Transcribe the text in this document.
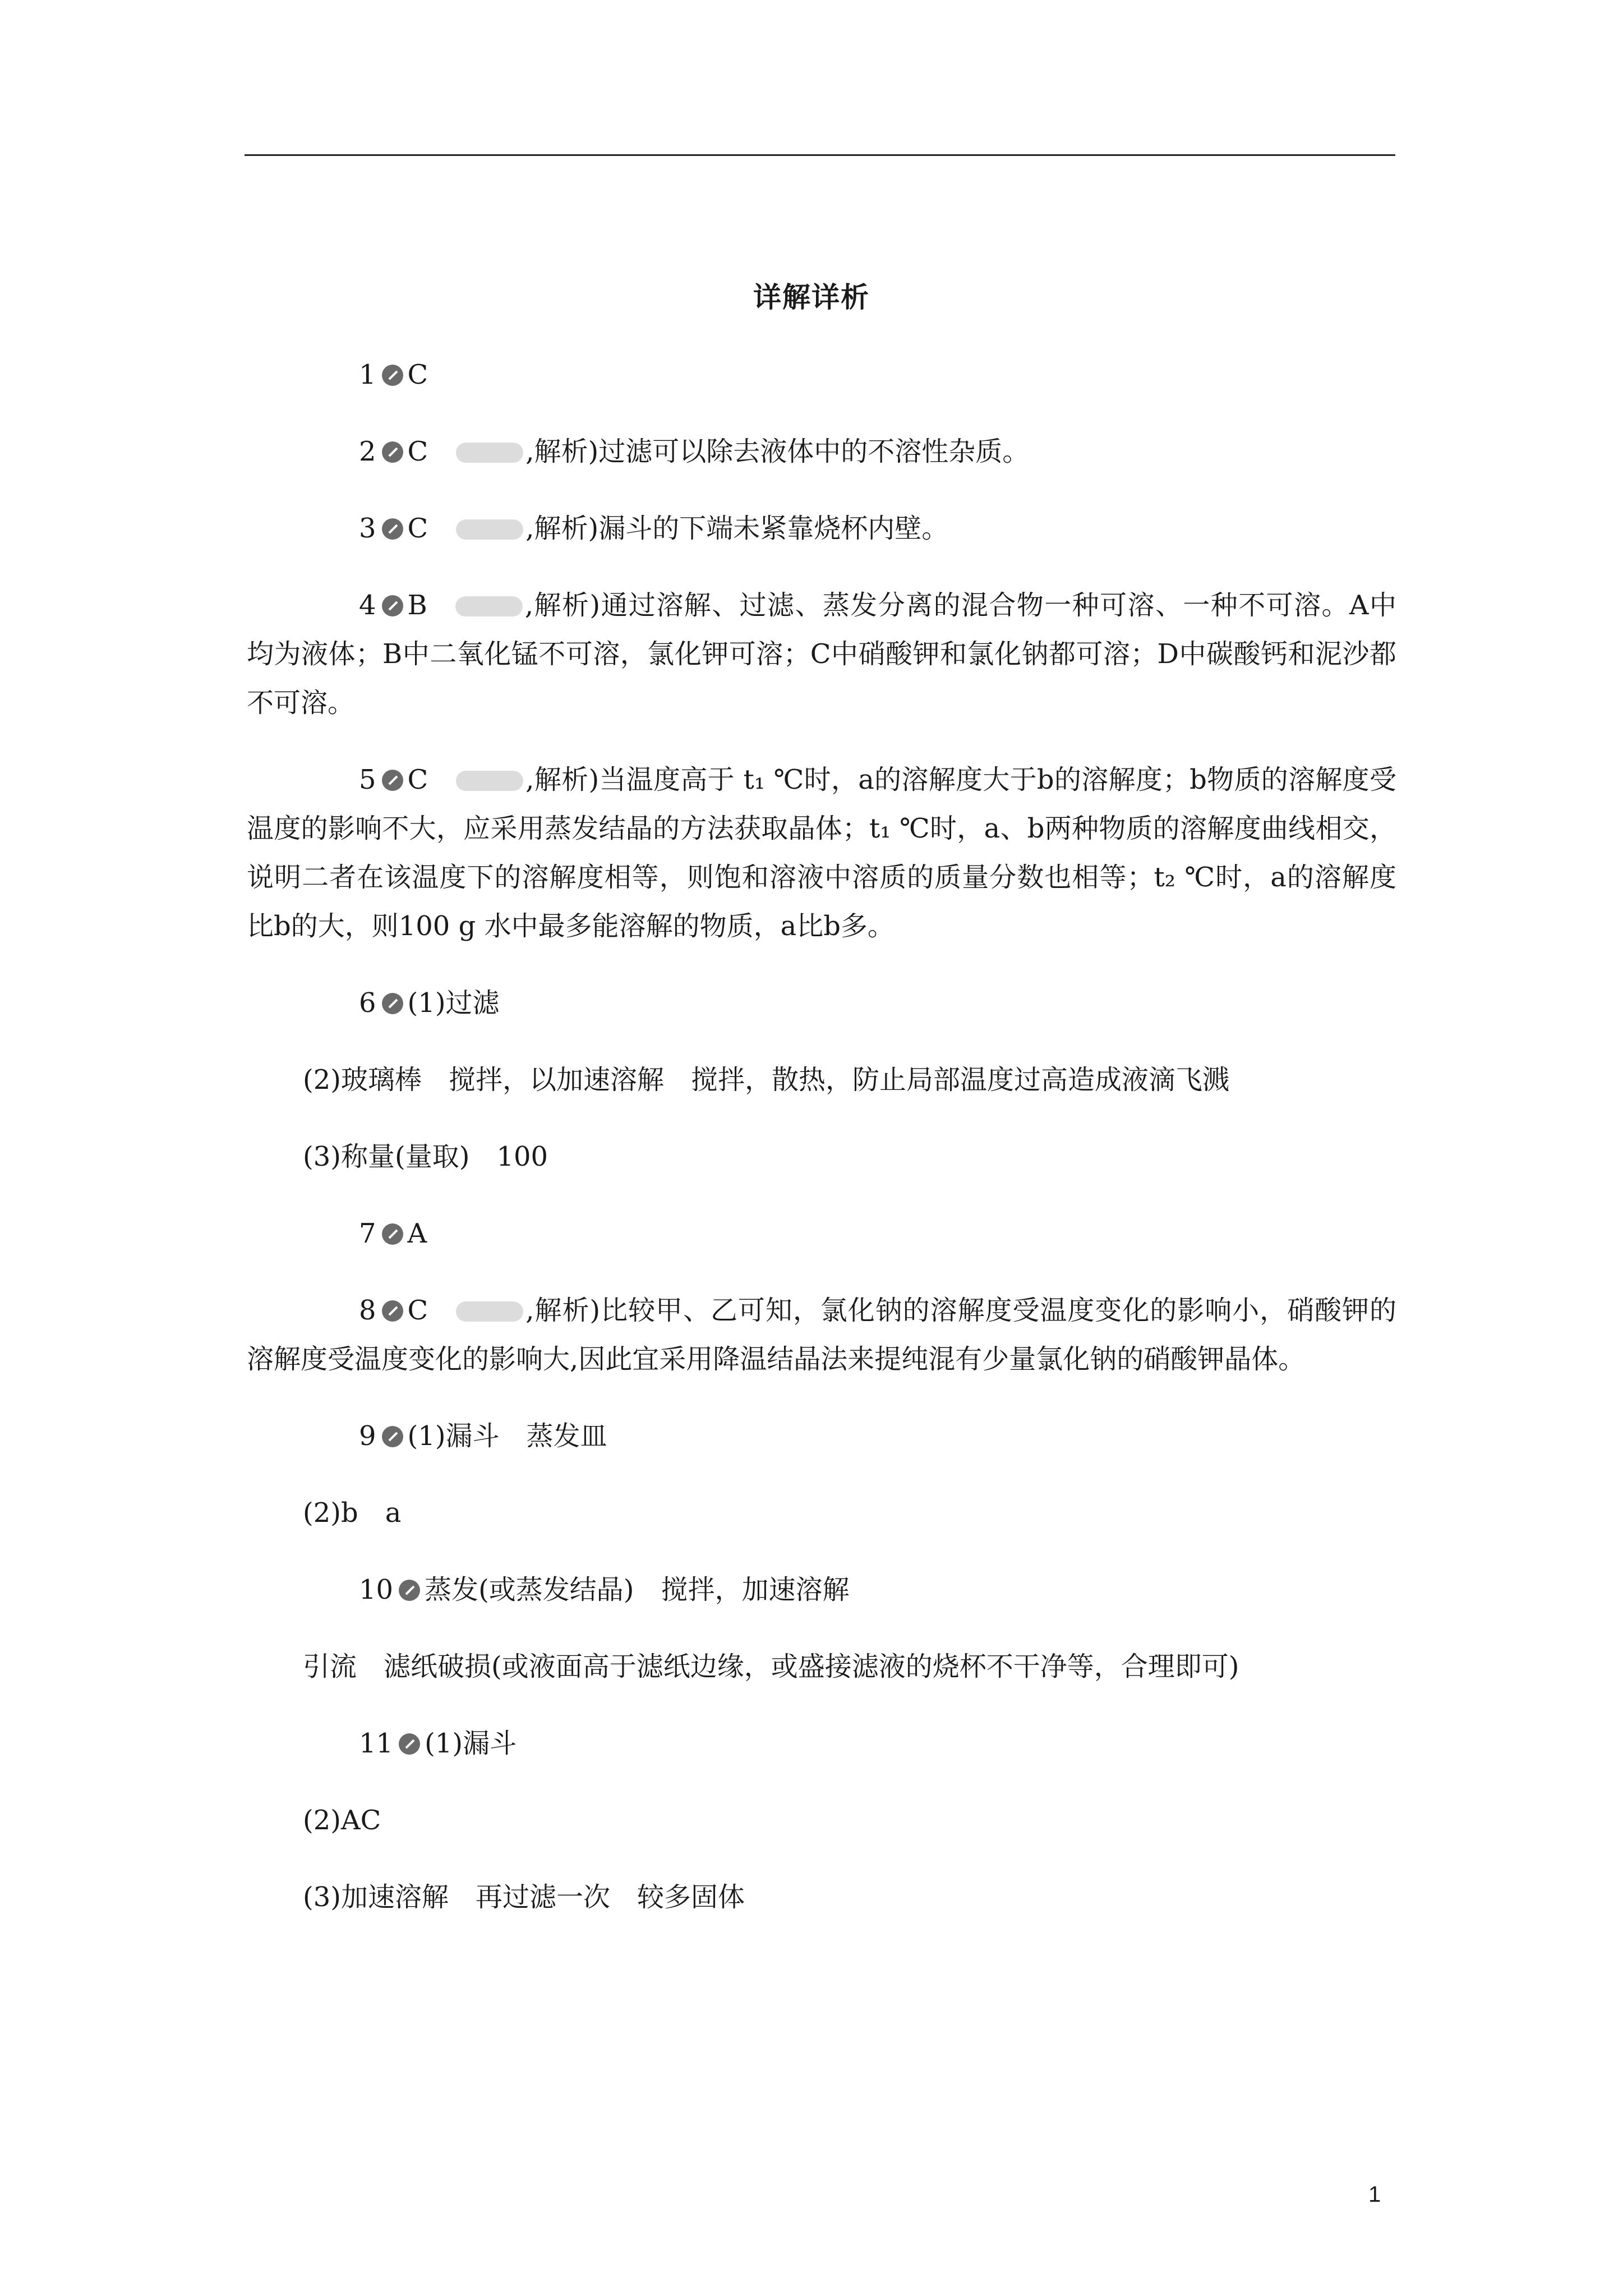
详解详析

1 C

2 C	,解析)过滤可以除去液体中的不溶性杂质。

3 C	,解析)漏斗的下端未紧靠烧杯内壁。

4 B	,解析)通过溶解、过滤、蒸发分离的混合物一种可溶、一种不可溶。A中均为液体；B中二氧化锰不可溶，氯化钾可溶；C中硝酸钾和氯化钠都可溶；D中碳酸钙和泥沙都不可溶。

5 C	,解析)当温度高于 t₁ ℃时，a的溶解度大于b的溶解度；b物质的溶解度受温度的影响不大，应采用蒸发结晶的方法获取晶体；t₁ ℃时，a、b两种物质的溶解度曲线相交，说明二者在该温度下的溶解度相等，则饱和溶液中溶质的质量分数也相等；t₂ ℃时，a的溶解度比b的大，则100 g 水中最多能溶解的物质，a比b多。

6 (1)过滤

(2)玻璃棒　搅拌，以加速溶解　搅拌，散热，防止局部温度过高造成液滴飞溅

(3)称量(量取)　100

7 A

8 C	,解析)比较甲、乙可知，氯化钠的溶解度受温度变化的影响小，硝酸钾的溶解度受温度变化的影响大,因此宜采用降温结晶法来提纯混有少量氯化钠的硝酸钾晶体。

9 (1)漏斗　蒸发皿

(2)b　a

10 蒸发(或蒸发结晶)　搅拌，加速溶解

引流　滤纸破损(或液面高于滤纸边缘，或盛接滤液的烧杯不干净等，合理即可)

11 (1)漏斗

(2)AC

(3)加速溶解　再过滤一次　较多固体

1
